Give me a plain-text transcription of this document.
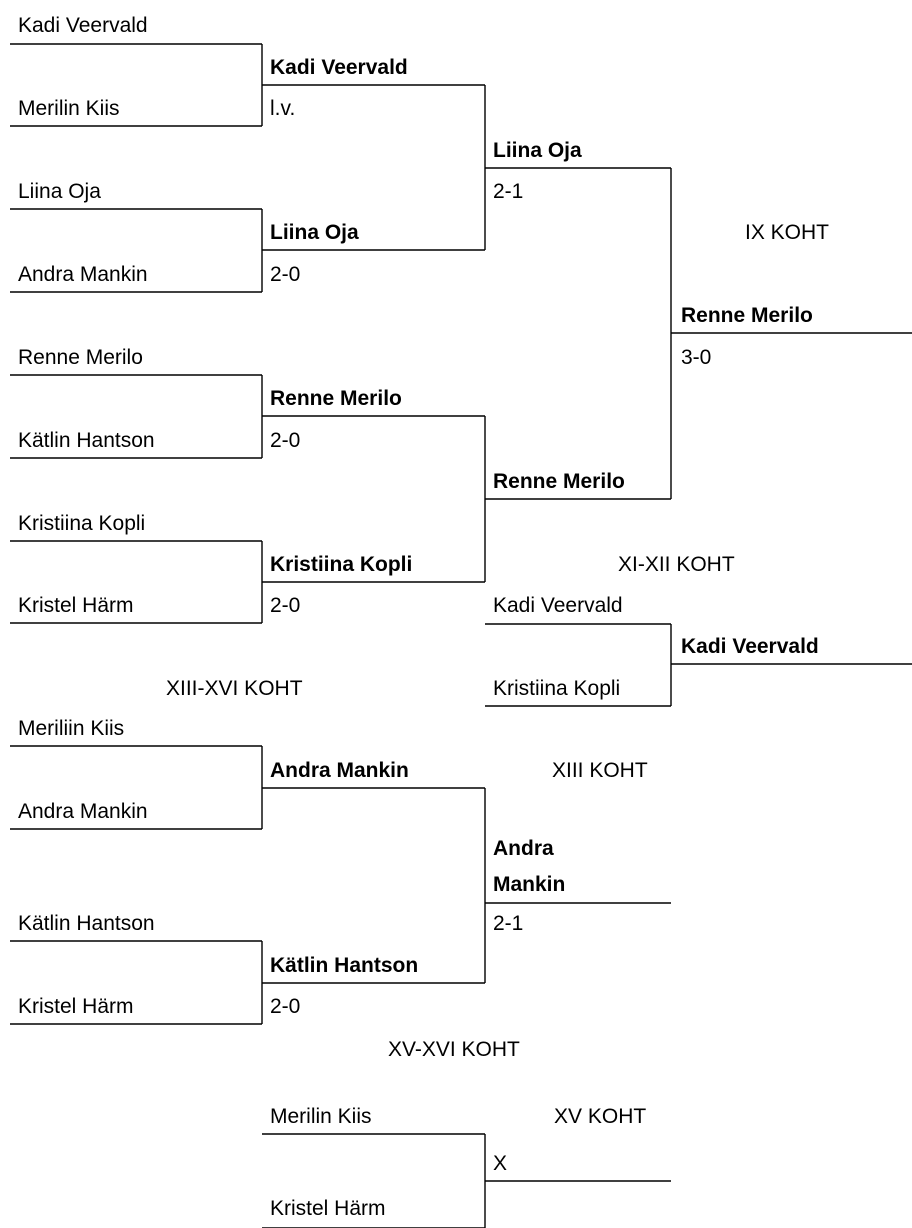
Kadi Veervald
Merilin Kiis
Liina Oja
Andra Mankin
Renne Merilo
Kätlin Hantson
Kristiina Kopli
Kristel Härm
Kadi Veervald
l.v.
Liina Oja
2-0
Renne Merilo
2-0
Kristiina Kopli
2-0
Liina Oja
2-1
Renne Merilo
IX KOHT
Renne Merilo
3-0
XI-XII KOHT
Kadi Veervald
Kristiina Kopli
Kadi Veervald
XIII-XVI KOHT
Meriliin Kiis
Andra Mankin
Kätlin Hantson
Kristel Härm
Andra Mankin
Kätlin Hantson
2-0
XIII KOHT
Andra
Mankin
2-1
XV-XVI KOHT
Merilin Kiis	XV KOHT
X
Kristel Härm
